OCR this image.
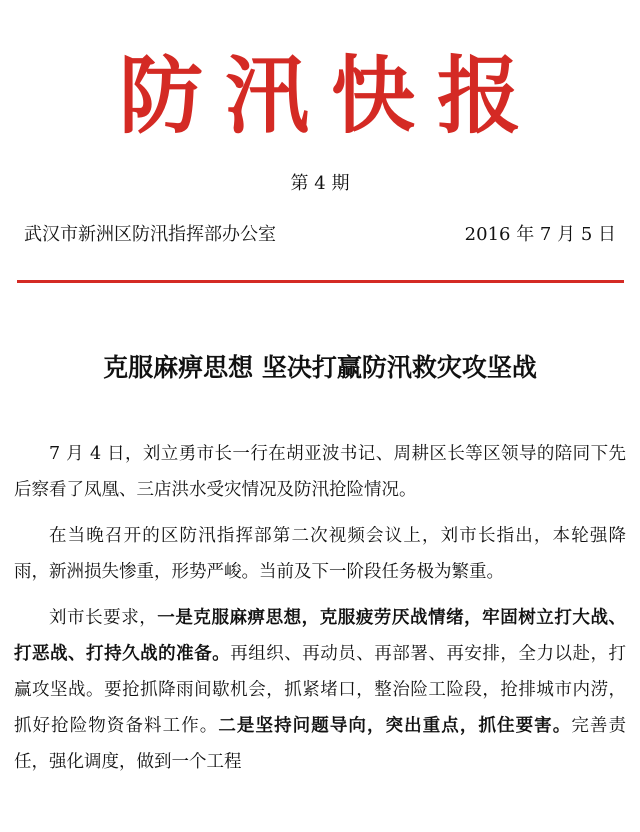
防汛快报
第 4 期
武汉市新洲区防汛指挥部办公室	2016 年 7 月 5 日
克服麻痹思想 坚决打赢防汛救灾攻坚战

7 月 4 日，刘立勇市长一行在胡亚波书记、周耕区长等区领导的陪同下先后察看了凤凰、三店洪水受灾情况及防汛抢险情况。

在当晚召开的区防汛指挥部第二次视频会议上，刘市长指出，本轮强降雨，新洲损失惨重，形势严峻。当前及下一阶段任务极为繁重。

刘市长要求，一是克服麻痹思想，克服疲劳厌战情绪，牢固树立打大战、打恶战、打持久战的准备。再组织、再动员、再部署、再安排，全力以赴，打赢攻坚战。要抢抓降雨间歇机会，抓紧堵口，整治险工险段，抢排城市内涝，抓好抢险物资备料工作。二是坚持问题导向，突出重点，抓住要害。完善责任，强化调度，做到一个工程
